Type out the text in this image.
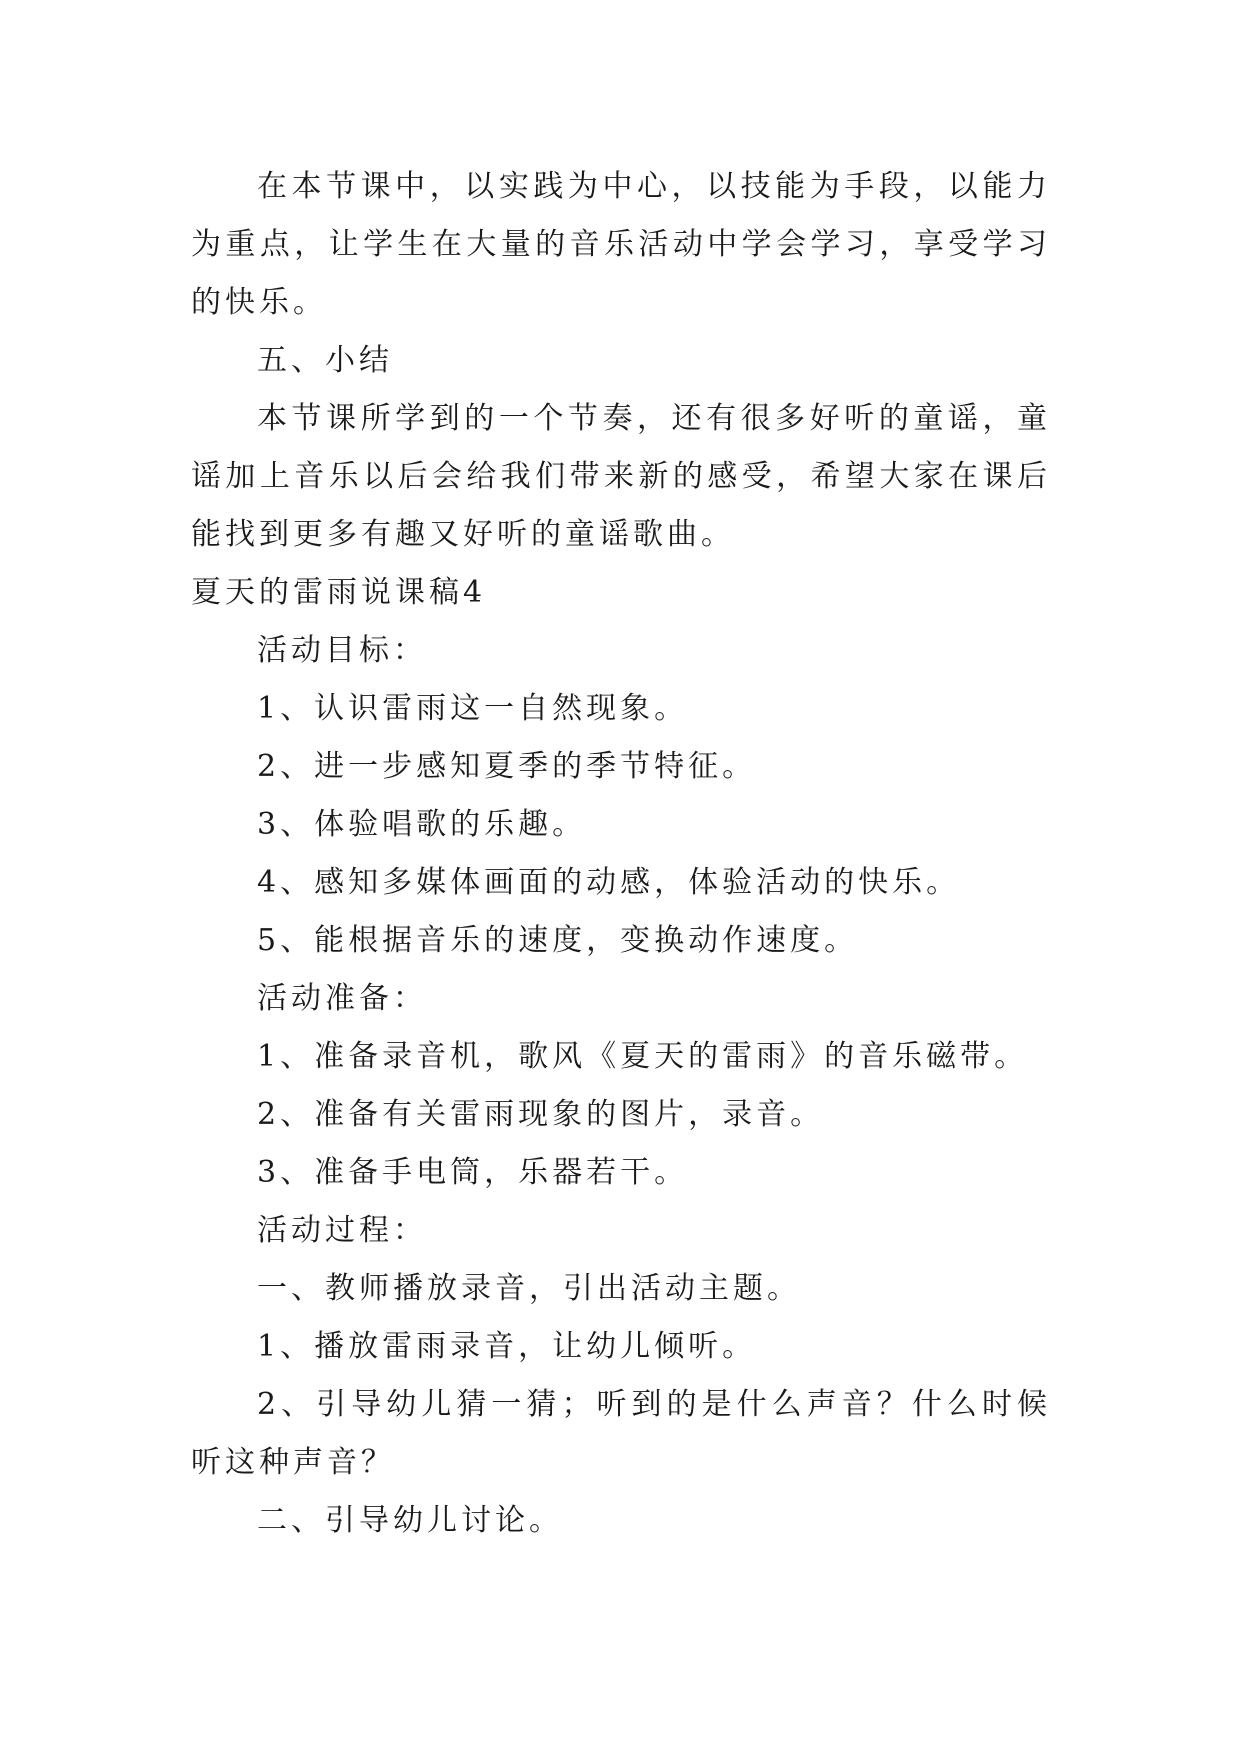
在本节课中，以实践为中心，以技能为手段，以能力为重点，让学生在大量的音乐活动中学会学习，享受学习的快乐。

五、小结

本节课所学到的一个节奏，还有很多好听的童谣，童谣加上音乐以后会给我们带来新的感受，希望大家在课后能找到更多有趣又好听的童谣歌曲。

夏天的雷雨说课稿4

活动目标：

1、认识雷雨这一自然现象。

2、进一步感知夏季的季节特征。

3、体验唱歌的乐趣。

4、感知多媒体画面的动感，体验活动的快乐。

5、能根据音乐的速度，变换动作速度。

活动准备：

1、准备录音机，歌风《夏天的雷雨》的音乐磁带。

2、准备有关雷雨现象的图片，录音。

3、准备手电筒，乐器若干。

活动过程：

一、教师播放录音，引出活动主题。

1、播放雷雨录音，让幼儿倾听。

2、引导幼儿猜一猜；听到的是什么声音？什么时候听这种声音？

二、引导幼儿讨论。
